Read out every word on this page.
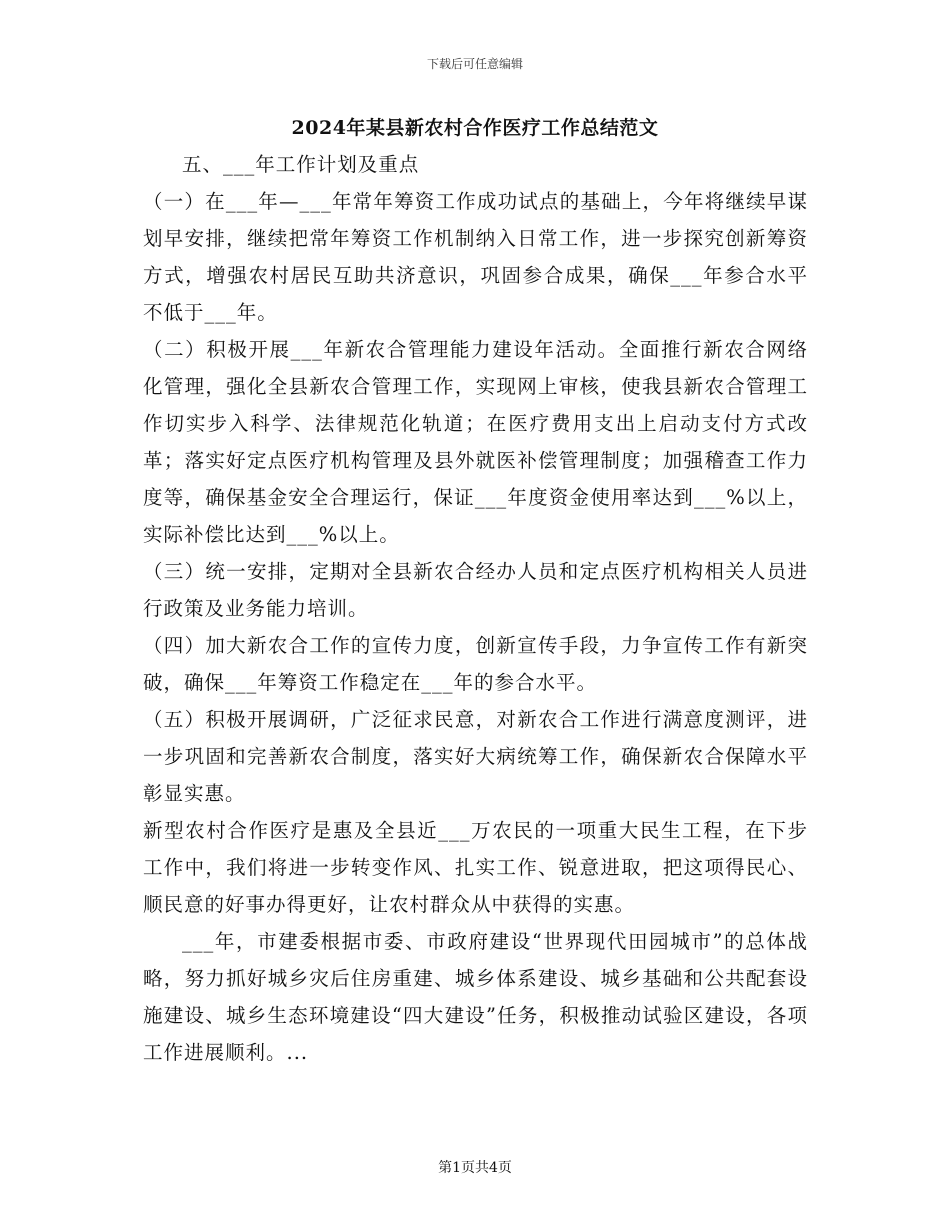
下载后可任意编辑
2024年某县新农村合作医疗工作总结范文

五、___年工作计划及重点

（一）在___年—___年常年筹资工作成功试点的基础上，今年将继续早谋划早安排，继续把常年筹资工作机制纳入日常工作，进一步探究创新筹资方式，增强农村居民互助共济意识，巩固参合成果，确保___年参合水平不低于___年。

（二）积极开展___年新农合管理能力建设年活动。全面推行新农合网络化管理，强化全县新农合管理工作，实现网上审核，使我县新农合管理工作切实步入科学、法律规范化轨道；在医疗费用支出上启动支付方式改革；落实好定点医疗机构管理及县外就医补偿管理制度；加强稽查工作力度等，确保基金安全合理运行，保证___年度资金使用率达到___%以上，实际补偿比达到___%以上。

（三）统一安排，定期对全县新农合经办人员和定点医疗机构相关人员进行政策及业务能力培训。

（四）加大新农合工作的宣传力度，创新宣传手段，力争宣传工作有新突破，确保___年筹资工作稳定在___年的参合水平。

（五）积极开展调研，广泛征求民意，对新农合工作进行满意度测评，进一步巩固和完善新农合制度，落实好大病统筹工作，确保新农合保障水平彰显实惠。

新型农村合作医疗是惠及全县近___万农民的一项重大民生工程，在下步工作中，我们将进一步转变作风、扎实工作、锐意进取，把这项得民心、顺民意的好事办得更好，让农村群众从中获得的实惠。

___年，市建委根据市委、市政府建设“世界现代田园城市”的总体战略，努力抓好城乡灾后住房重建、城乡体系建设、城乡基础和公共配套设施建设、城乡生态环境建设“四大建设”任务，积极推动试验区建设，各项工作进展顺利。...

第1页共4页
